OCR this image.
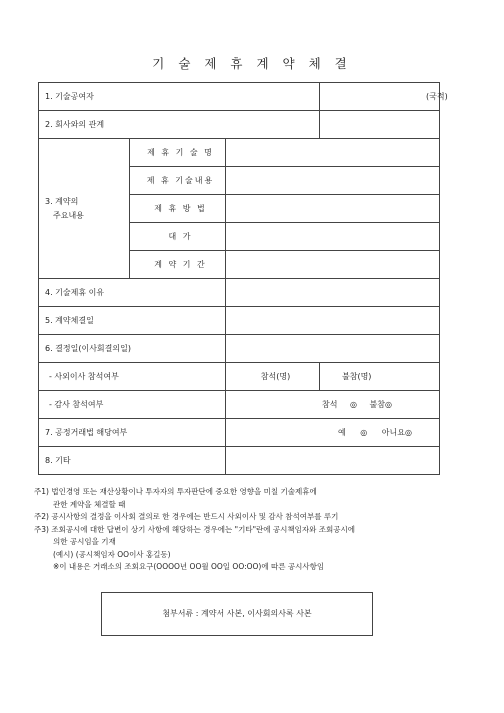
기 술 제 휴 계 약 체 결
1. 기술공여자			(국적)
2. 회사와의 관계			
3. 계약의
주요내용	제 휴 기 술 명		
	제 휴 기술내용		
	제 휴 방 법		
	대 가		
	계 약 기 간		
4. 기술제휴 이유			
5. 계약체결일			
6. 결정일(이사회결의일)			
- 사외이사 참석여부		참석(명)	불참(명)
- 감사 참석여부		참석 ◎ 불참◎	
7. 공정거래법 해당여부		예 ◎ 아니요◎	
8. 기타			
주1) 법인경영 또는 재산상황이나 투자자의 투자판단에 중요한 영향을 미칠 기술제휴에
관한 계약을 체결할 때
주2) 공시사항의 결정을 이사회 결의로 한 경우에는 반드시 사외이사 및 감사 참석여부를 루기
주3) 조회공시에 대한 답변이 상기 사항에 해당하는 경우에는 "기타"란에 공시책임자와 조회공시에
의한 공시임을 기재
(예시) (공시책임자 OO이사 홍길동)
※이 내용은 거래소의 조회요구(OOOO년 OO월 OO일 OO:OO)에 따른 공시사항임
첨부서류 : 계약서 사본, 이사회의사록 사본
